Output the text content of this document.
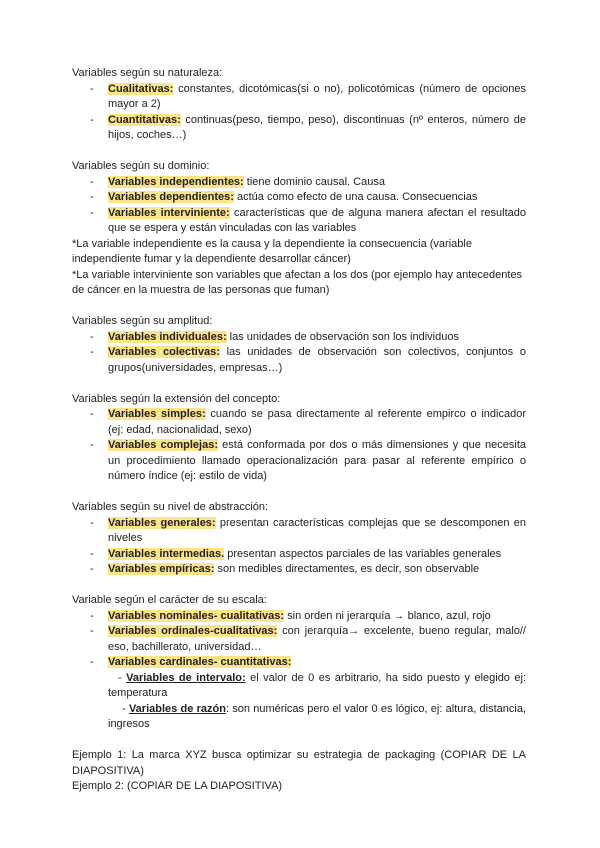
Variables según su naturaleza:

- Cualitativas: constantes, dicotómicas(si o no), policotómicas (número de opciones mayor a 2)

- Cuantitativas: continuas(peso, tiempo, peso), discontinuas (nº enteros, número de hijos, coches…)

Variables según su dominio:

- Variables independientes: tiene dominio causal. Causa

- Variables dependientes: actúa como efecto de una causa. Consecuencias

- Variables interviniente: características que de alguna manera afectan el resultado que se espera y están vinculadas con las variables

*La variable independiente es la causa y la dependiente la consecuencia (variable independiente fumar y la dependiente desarrollar cáncer)

*La variable interviniente son variables que afectan a los dos (por ejemplo hay antecedentes de cáncer en la muestra de las personas que fuman)

Variables según su amplitud:

- Variables individuales: las unidades de observación son los individuos

- Variables colectivas: las unidades de observación son colectivos, conjuntos o grupos(universidades, empresas…)

Variables según la extensión del concepto:

- Variables simples: cuando se pasa directamente al referente empirco o indicador (ej: edad, nacionalidad, sexo)

- Variables complejas: está conformada por dos o más dimensiones y que necesita un procedimiento llamado operacionalización para pasar al referente empírico o número índice (ej: estilo de vida)

Variables según su nivel de abstracción:

- Variables generales: presentan características complejas que se descomponen en niveles

- Variables intermedias. presentan aspectos parciales de las variables generales

- Variables empíricas: son medibles directamentes, es decir, son observable

Variable según el carácter de su escala:

- Variables nominales- cualitativas: sin orden ni jerarquía → blanco, azul, rojo

- Variables ordinales-cualitativas: con jerarquía→ excelente, bueno regular, malo// eso, bachillerato, universidad…

- Variables cardinales- cuantitativas:

- Variables de intervalo: el valor de 0 es arbitrario, ha sido puesto y elegido ej: temperatura

- Variables de razón: son numéricas pero el valor 0 es lógico, ej: altura, distancia, ingresos

Ejemplo 1: La marca XYZ busca optimizar su estrategia de packaging (COPIAR DE LA DIAPOSITIVA)

Ejemplo 2: (COPIAR DE LA DIAPOSITIVA)
